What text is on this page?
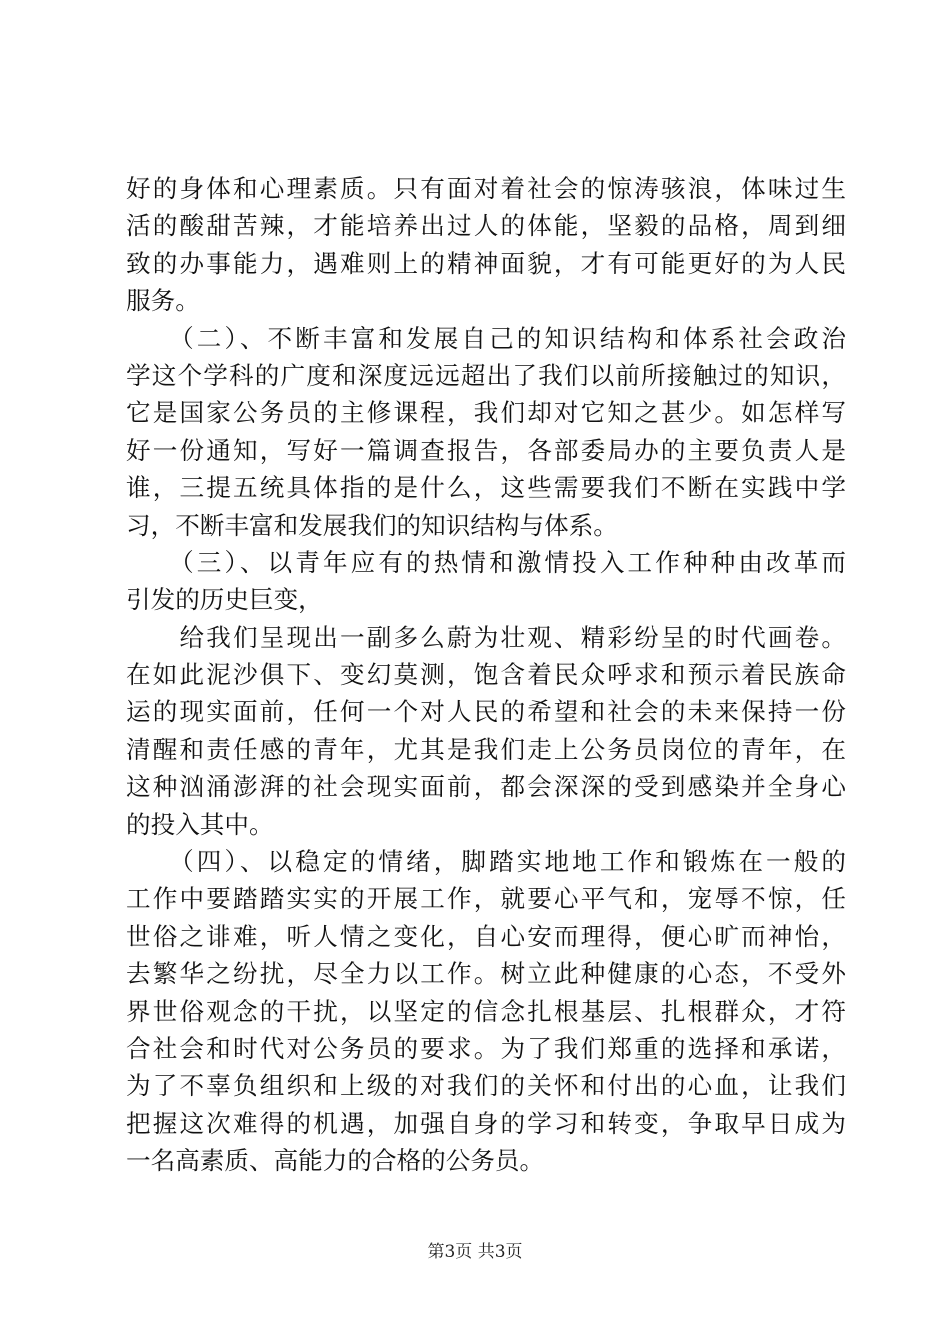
好的身体和心理素质。只有面对着社会的惊涛骇浪，体味过生
活的酸甜苦辣，才能培养出过人的体能，坚毅的品格，周到细
致的办事能力，遇难则上的精神面貌，才有可能更好的为人民
服务。
　　（二）、不断丰富和发展自己的知识结构和体系社会政治
学这个学科的广度和深度远远超出了我们以前所接触过的知识，
它是国家公务员的主修课程，我们却对它知之甚少。如怎样写
好一份通知，写好一篇调查报告，各部委局办的主要负责人是
谁，三提五统具体指的是什么，这些需要我们不断在实践中学
习，不断丰富和发展我们的知识结构与体系。
　　（三）、以青年应有的热情和激情投入工作种种由改革而
引发的历史巨变，
　　给我们呈现出一副多么蔚为壮观、精彩纷呈的时代画卷。
在如此泥沙俱下、变幻莫测，饱含着民众呼求和预示着民族命
运的现实面前，任何一个对人民的希望和社会的未来保持一份
清醒和责任感的青年，尤其是我们走上公务员岗位的青年，在
这种汹涌澎湃的社会现实面前，都会深深的受到感染并全身心
的投入其中。
　　（四）、以稳定的情绪，脚踏实地地工作和锻炼在一般的
工作中要踏踏实实的开展工作，就要心平气和，宠辱不惊，任
世俗之诽难，听人情之变化，自心安而理得，便心旷而神怡，
去繁华之纷扰，尽全力以工作。树立此种健康的心态，不受外
界世俗观念的干扰，以坚定的信念扎根基层、扎根群众，才符
合社会和时代对公务员的要求。为了我们郑重的选择和承诺，
为了不辜负组织和上级的对我们的关怀和付出的心血，让我们
把握这次难得的机遇，加强自身的学习和转变，争取早日成为
一名高素质、高能力的合格的公务员。
第3页 共3页
